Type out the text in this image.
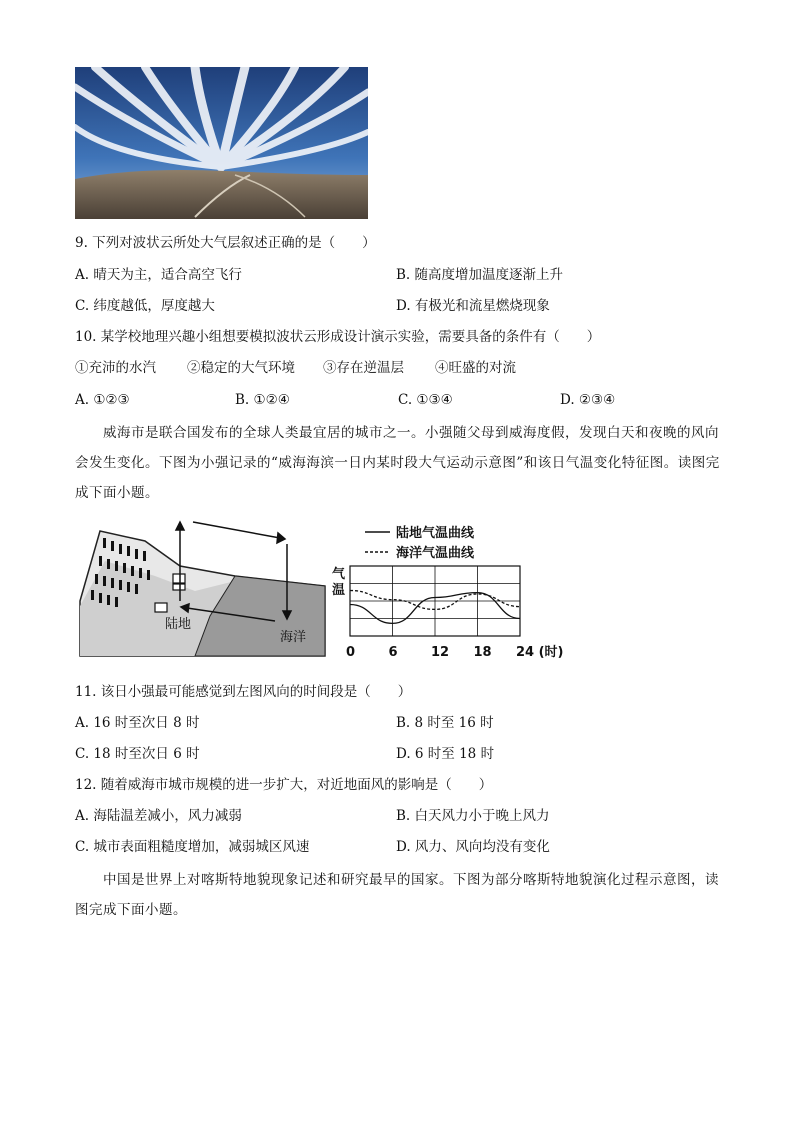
9. 下列对波状云所处大气层叙述正确的是（　　）
A. 晴天为主，适合高空飞行	B. 随高度增加温度逐渐上升
C. 纬度越低，厚度越大	D. 有极光和流星燃烧现象
10. 某学校地理兴趣小组想要模拟波状云形成设计演示实验，需要具备的条件有（　　）
①充沛的水汽 ②稳定的大气环境 ③存在逆温层 ④旺盛的对流
A. ①②③	B. ①②④	C. ①③④	D. ②③④
威海市是联合国发布的全球人类最宜居的城市之一。小强随父母到威海度假，发现白天和夜晚的风向会发生变化。下图为小强记录的“威海海滨一日内某时段大气运动示意图”和该日气温变化特征图。读图完成下面小题。
陆地
海洋
陆地气温曲线
海洋气温曲线
气
温
0	6	12 18 24 (时)
11. 该日小强最可能感觉到左图风向的时间段是（　　）
A. 16 时至次日 8 时	B. 8 时至 16 时
C. 18 时至次日 6 时	D. 6 时至 18 时
12. 随着威海市城市规模的进一步扩大，对近地面风的影响是（　　）
A. 海陆温差减小，风力减弱	B. 白天风力小于晚上风力
C. 城市表面粗糙度增加，减弱城区风速	D. 风力、风向均没有变化
中国是世界上对喀斯特地貌现象记述和研究最早的国家。下图为部分喀斯特地貌演化过程示意图，读图完成下面小题。
